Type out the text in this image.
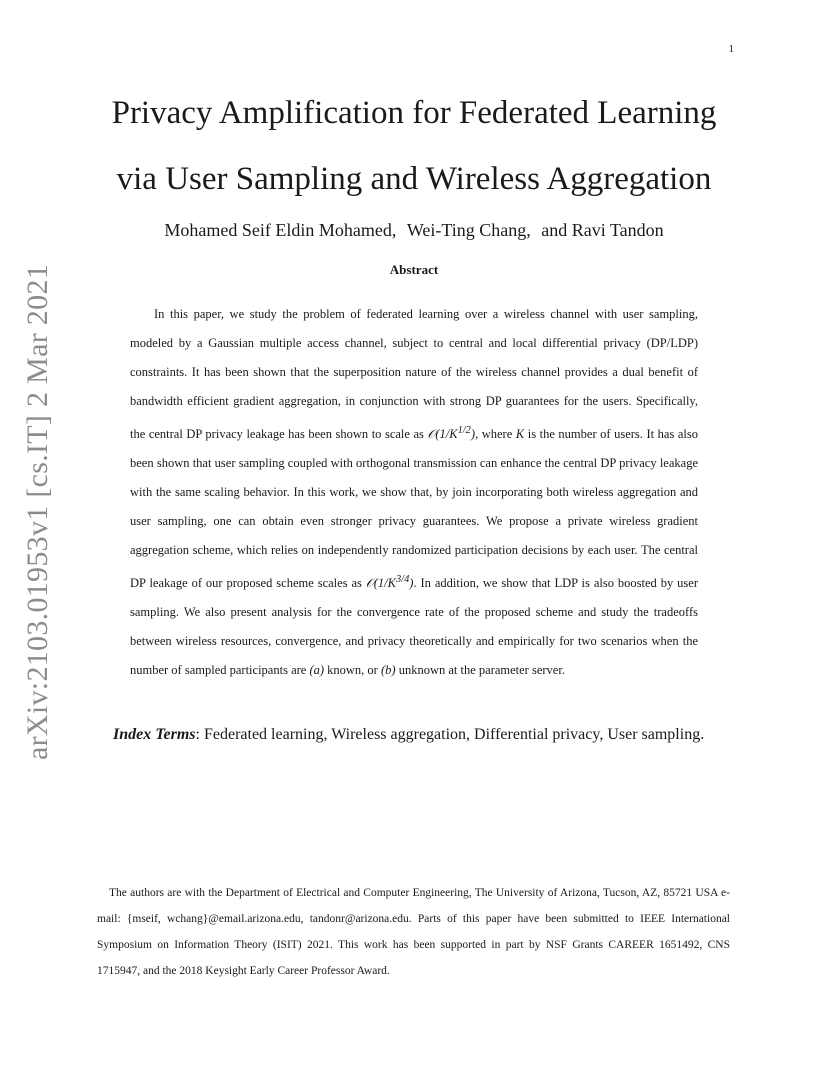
1
arXiv:2103.01953v1 [cs.IT] 2 Mar 2021
Privacy Amplification for Federated Learning
via User Sampling and Wireless Aggregation
Mohamed Seif Eldin Mohamed, Wei-Ting Chang, and Ravi Tandon
Abstract

In this paper, we study the problem of federated learning over a wireless channel with user sampling, modeled by a Gaussian multiple access channel, subject to central and local differential privacy (DP/LDP) constraints. It has been shown that the superposition nature of the wireless channel provides a dual benefit of bandwidth efficient gradient aggregation, in conjunction with strong DP guarantees for the users. Specifically, the central DP privacy leakage has been shown to scale as $𝒪(1/K^{1/2})$, where K is the number of users. It has also been shown that user sampling coupled with orthogonal transmission can enhance the central DP privacy leakage with the same scaling behavior. In this work, we show that, by join incorporating both wireless aggregation and user sampling, one can obtain even stronger privacy guarantees. We propose a private wireless gradient aggregation scheme, which relies on independently randomized participation decisions by each user. The central DP leakage of our proposed scheme scales as $𝒪(1/K^{3/4})$. In addition, we show that LDP is also boosted by user sampling. We also present analysis for the convergence rate of the proposed scheme and study the tradeoffs between wireless resources, convergence, and privacy theoretically and empirically for two scenarios when the number of sampled participants are (a) known, or (b) unknown at the parameter server.

Index Terms: Federated learning, Wireless aggregation, Differential privacy, User sampling.

The authors are with the Department of Electrical and Computer Engineering, The University of Arizona, Tucson, AZ, 85721 USA e-mail: {mseif, wchang}@email.arizona.edu, tandonr@arizona.edu. Parts of this paper have been submitted to IEEE International Symposium on Information Theory (ISIT) 2021. This work has been supported in part by NSF Grants CAREER 1651492, CNS 1715947, and the 2018 Keysight Early Career Professor Award.
